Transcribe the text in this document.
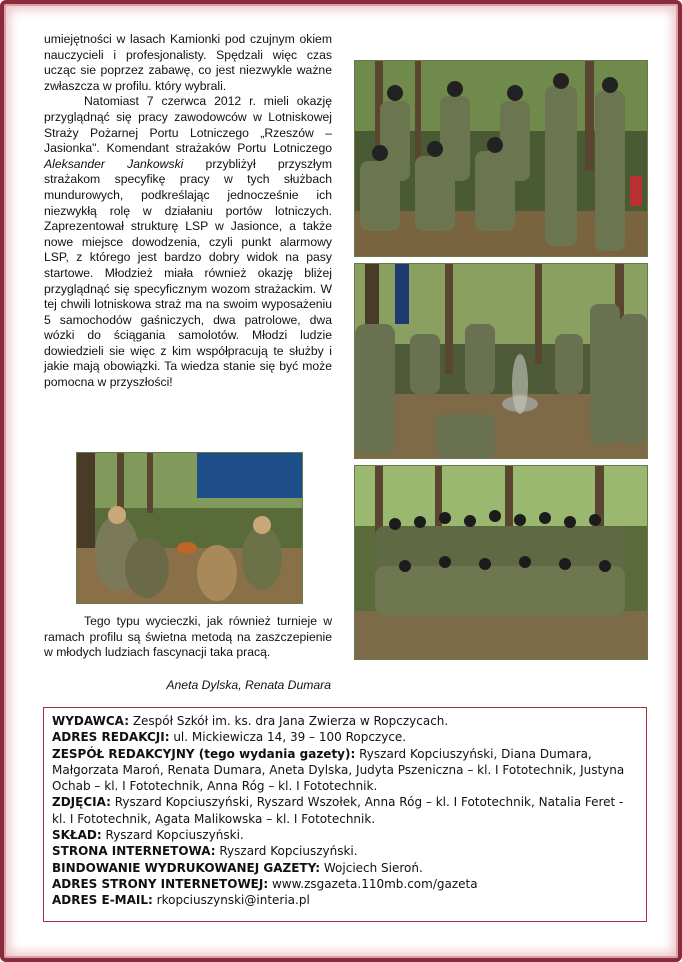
umiejętności w lasach Kamionki pod czujnym okiem nauczycieli i profesjonalisty. Spędzali więc czas ucząc sie poprzez zabawę, co jest niezwykle ważne zwłaszcza w profilu. który wybrali.

Natomiast 7 czerwca 2012 r. mieli okazję przyglądnąć się pracy zawodowców w Lotniskowej Straży Pożarnej Portu Lotniczego „Rzeszów – Jasionka". Komendant strażaków Portu Lotniczego Aleksander Jankowski przybliżył przyszłym strażakom specyfikę pracy w tych służbach mundurowych, podkreślając jednocześnie ich niezwykłą rolę w działaniu portów lotniczych. Zaprezentował strukturę LSP w Jasionce, a także nowe miejsce dowodzenia, czyli punkt alarmowy LSP, z którego jest bardzo dobry widok na pasy startowe. Młodzież miała również okazję bliżej przyglądnąć się specyficznym wozom strażackim. W tej chwili lotniskowa straż ma na swoim wyposażeniu 5 samochodów gaśniczych, dwa patrolowe, dwa wózki do ściągania samolotów. Młodzi ludzie dowiedzieli sie więc z kim współpracują te służby i jakie mają obowiązki. Ta wiedza stanie się być może pomocna w przyszłości!

Tego typu wycieczki, jak również turnieje w ramach profilu są świetna metodą na zaszczepienie w młodych ludziach fascynacji taka pracą.

Aneta Dylska, Renata Dumara

WYDAWCA: Zespół Szkół im. ks. dra Jana Zwierza w Ropczycach.

ADRES REDAKCJI: ul. Mickiewicza 14, 39 – 100 Ropczyce.

ZESPÓŁ REDAKCYJNY (tego wydania gazety): Ryszard Kopciuszyński, Diana Dumara, Małgorzata Maroń, Renata Dumara, Aneta Dylska, Judyta Pszeniczna – kl. I Fototechnik, Justyna Ochab – kl. I Fototechnik, Anna Róg – kl. I Fototechnik.

ZDJĘCIA: Ryszard Kopciuszyński, Ryszard Wszołek, Anna Róg – kl. I Fototechnik, Natalia Feret - kl. I Fototechnik, Agata Malikowska – kl. I Fototechnik.

SKŁAD: Ryszard Kopciuszyński.

STRONA INTERNETOWA: Ryszard Kopciuszyński.

BINDOWANIE WYDRUKOWANEJ GAZETY: Wojciech Sieroń.

ADRES STRONY INTERNETOWEJ: www.zsgazeta.110mb.com/gazeta

ADRES E-MAIL: rkopciuszynski@interia.pl
